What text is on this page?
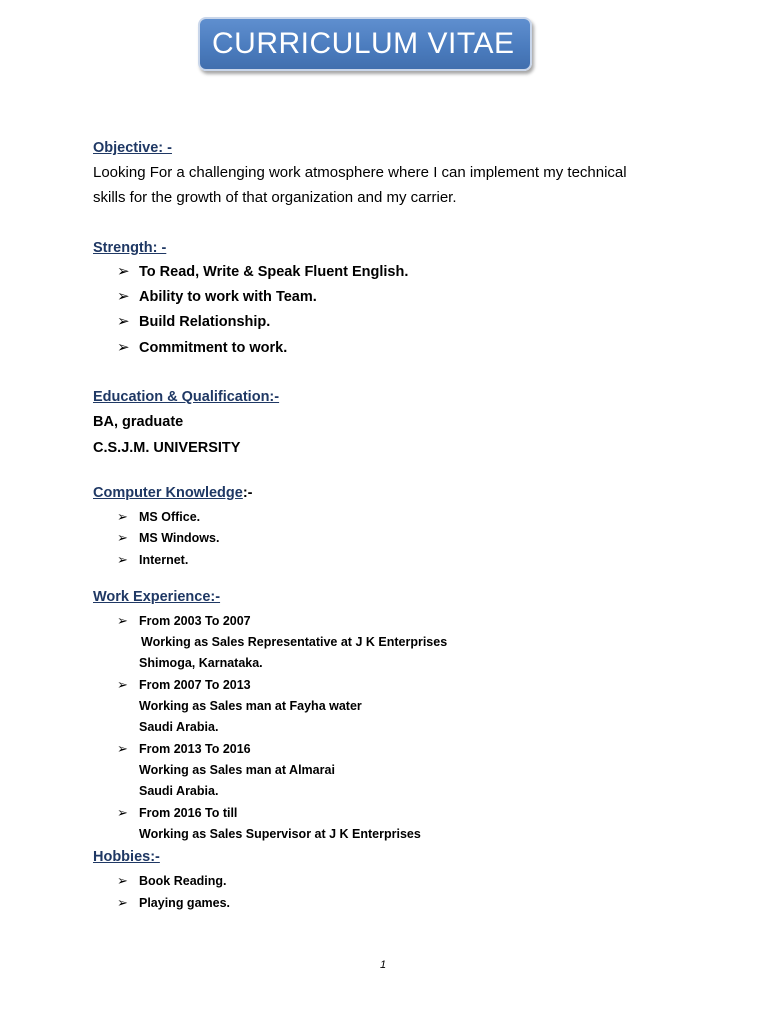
CURRICULUM VITAE
Objective: -
Looking For a challenging work atmosphere where I can implement my technical skills for the growth of that organization and my carrier.
Strength: -
➢ To Read, Write & Speak Fluent English.
➢ Ability to work with Team.
➢ Build Relationship.
➢ Commitment to work.
Education & Qualification:-
BA, graduate
C.S.J.M. UNIVERSITY
Computer Knowledge:-
➢ MS Office.
➢ MS Windows.
➢ Internet.
Work Experience:-
➢ From 2003 To 2007
Working as Sales Representative at J K Enterprises
Shimoga, Karnataka.
➢ From 2007 To 2013
Working as Sales man at Fayha water
Saudi Arabia.
➢ From 2013 To 2016
Working as Sales man at Almarai
Saudi Arabia.
➢ From 2016 To till
Working as Sales Supervisor at J K Enterprises
Hobbies:-
➢ Book Reading.
➢ Playing games.
1
